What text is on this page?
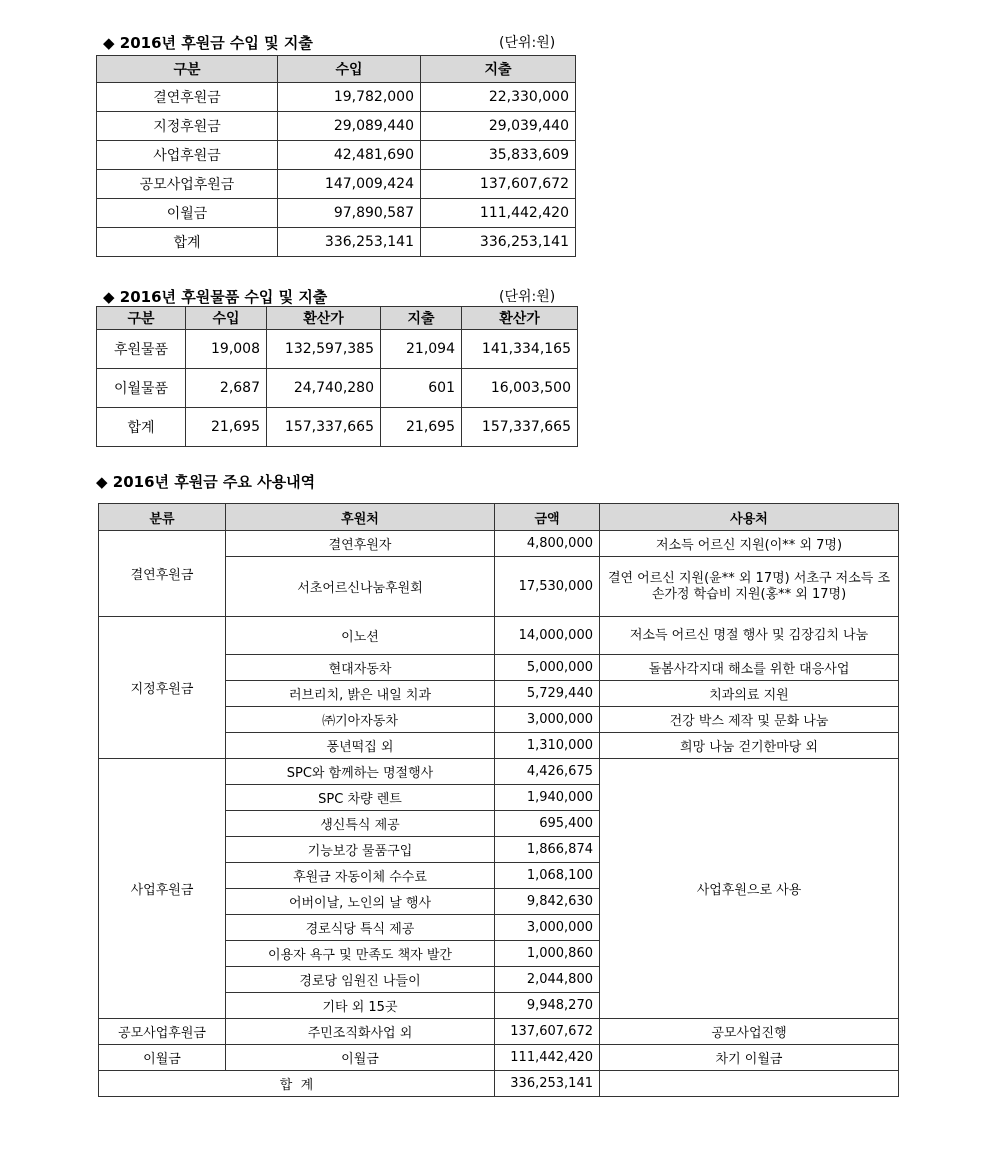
◆ 2016년 후원금 수입 및 지출	(단위:원)
구분	수입	지출
결연후원금	19,782,000	22,330,000
지정후원금	29,089,440	29,039,440
사업후원금	42,481,690	35,833,609
공모사업후원금	147,009,424	137,607,672
이월금	97,890,587	111,442,420
합계	336,253,141	336,253,141
◆ 2016년 후원물품 수입 및 지출	(단위:원)
구분	수입	환산가	지출	환산가
후원물품	19,008	132,597,385	21,094	141,334,165
이월물품	2,687	24,740,280	601	16,003,500
합계	21,695	157,337,665	21,695	157,337,665
◆ 2016년 후원금 주요 사용내역
분류	후원처	금액	사용처
결연후원금	결연후원자	4,800,000	저소득 어르신 지원(이** 외 7명)
	서초어르신나눔후원회	17,530,000	결연 어르신 지원(윤** 외 17명) 서초구 저소득 조손가정 학습비 지원(홍** 외 17명)
지정후원금	이노션	14,000,000	저소득 어르신 명절 행사 및 김장김치 나눔
	현대자동차	5,000,000	돌봄사각지대 해소를 위한 대응사업
	러브리치, 밝은 내일 치과	5,729,440	치과의료 지원
	㈜기아자동차	3,000,000	건강 박스 제작 및 문화 나눔
	풍년떡집 외	1,310,000	희망 나눔 걷기한마당 외
사업후원금	SPC와 함께하는 명절행사	4,426,675	사업후원으로 사용
	SPC 차량 렌트	1,940,000	
	생신특식 제공	695,400	
	기능보강 물품구입	1,866,874	
	후원금 자동이체 수수료	1,068,100	
	어버이날, 노인의 날 행사	9,842,630	
	경로식당 특식 제공	3,000,000	
	이용자 욕구 및 만족도 책자 발간	1,000,860	
	경로당 임원진 나들이	2,044,800	
	기타 외 15곳	9,948,270	
공모사업후원금	주민조직화사업 외	137,607,672	공모사업진행
이월금	이월금	111,442,420	차기 이월금
합  계		336,253,141	
